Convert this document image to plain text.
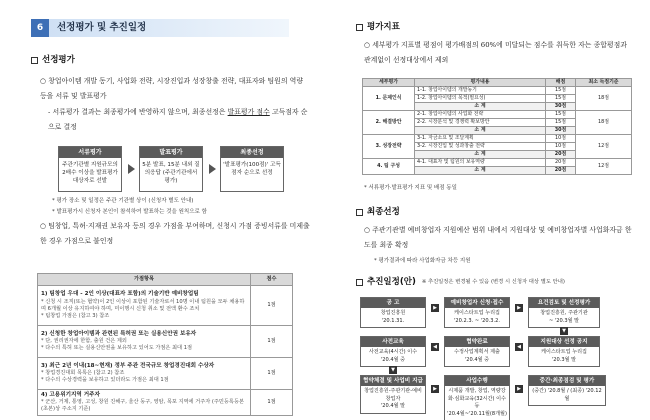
6	선정평가 및 추진일정
선정평가
○ 창업아이템 개발 동기, 사업화 전략, 시장진입과 성장창출 전략, 대표자와 팀원의 역량 등을 서류 및 발표평가
- 서류평가 결과는 최종평가에 반영하지 않으며, 최종선정은 발표평가 점수 고득점자 순으로 결정
서류평가
주관기관별 지원규모의 2배수 이상을 발표평가 대상자로 선발
발표평가
5분 발표, 15분 내외 질의응답 (주관기관에서 평가)
최종선정
'발표평가(100점)' 고득점자 순으로 선정
* 평가 장소 및 일정은 주관 기관별 상이 (신청자 별도 안내)
* 발표평가시 신청자 본인이 참석하여 발표하는 것을 원칙으로 함
○ 팀창업, 특허·지재권 보유자 등의 경우 가점을 부여하며, 신청시 가점 증빙서류를 미제출한 경우 가점으로 불인정
가점항목	점수

1) 팀창업 우대 - 2인 이상(대표자 포함)의 기술기반 예비창업팀
* 신청 시 조직(또는 협약)이 2인 이상이 포함된 기술자로서 10명 이내 팀원을 모두 채용하며 6개월 이상 유지하여야 하며, 미이행시 신청 취소 및 전액 환수 조치
* 팀창업 가점은 (참고 3) 참조	1점

2) 신청한 창업아이템과 관련된 특허권 또는 실용신안권 보유자
* 단, 권리권자에 한함, 출원 건은 제외
* 다수의 특허 또는 실용신안권을 보유하고 있어도 가점은 최대 1점	1점

3) 최근 2년 이내(18~현재) 정부 주관 전국규모 창업경진대회 수상자
* 창업경진대회 목록은 (참고 2) 참조
* 다수의 수상경력을 보유하고 있더라도 가점은 최대 1점	1점

4) 고용위기지역 거주자
* 군산, 거제, 통영, 고성, 창원 진해구, 울산 동구, 영암, 목포 지역에 거주자 (주민등록등본(초본)상 주소지 기준)	1점
평가지표
○ 세부평가 지표별 평점이 평가배점의 60%에 미달되는 점수를 취득한 자는 종합평점과 관계없이 선정대상에서 제외
세부평가	평가내용	배점	최소 득점기준
1. 문제인식	1-1. 창업아이템의 개발동기	15점	18점
	1-2. 창업아이템의 목적(필요성)	15점	
	소 계	30점	
2. 해결방안	2-1. 창업아이템의 사업화 전략	15점	18점
	2-2. 시장분석 및 경쟁력 확보방안	15점	
	소 계	30점	
3. 성장전략	3-1. 자금소요 및 조달계획	10점	12점
	3-2. 시장진입 및 성과창출 전략	10점	
	소 계	20점	
4. 팀 구성	4-1. 대표자 및 팀원의 보유역량	20점	12점
	소 계	20점	
* 서류평가·발표평가 지표 및 배점 동일
최종선정
○ 주관기관별 예비창업자 지원예산 범위 내에서 지원대상 및 예비창업자별 사업화자금 한도를 최종 확정
* 평가결과에 따라 사업화자금 차등 지원
추진일정(안) ※ 추진일정은 변경될 수 있음 (변경 시 신청자 대상 별도 안내)
공 고
창업진흥원
'20.1.31.
▶
예비창업자 신청·접수
케이스타트업 누리집
'20.2.3. ~ '20.3.2.
▶
요건검토 및 선정평가
창업진흥원, 주관기관
~ '20.3월 말
▼
사전교육
사전교육(4시간) 이수
'20.4월 중
◀
협약완료
수정사업계획서 제출
'20.4월 중
◀
지원대상 선정 공지
케이스타트업 누리집
'20.3월 말
▼
협약체결 및 사업비 지급
창업진흥원-주관기관-예비창업자
'20.4월 말
▶
사업수행
시제품 개발, 창업, 역량강화·심화교육(32시간) 이수 등
'20.4월~'20.11월(8개월)
▶
중간·최종점검 및 평가
(중간) '20.8월 / (최종) '20.12월
